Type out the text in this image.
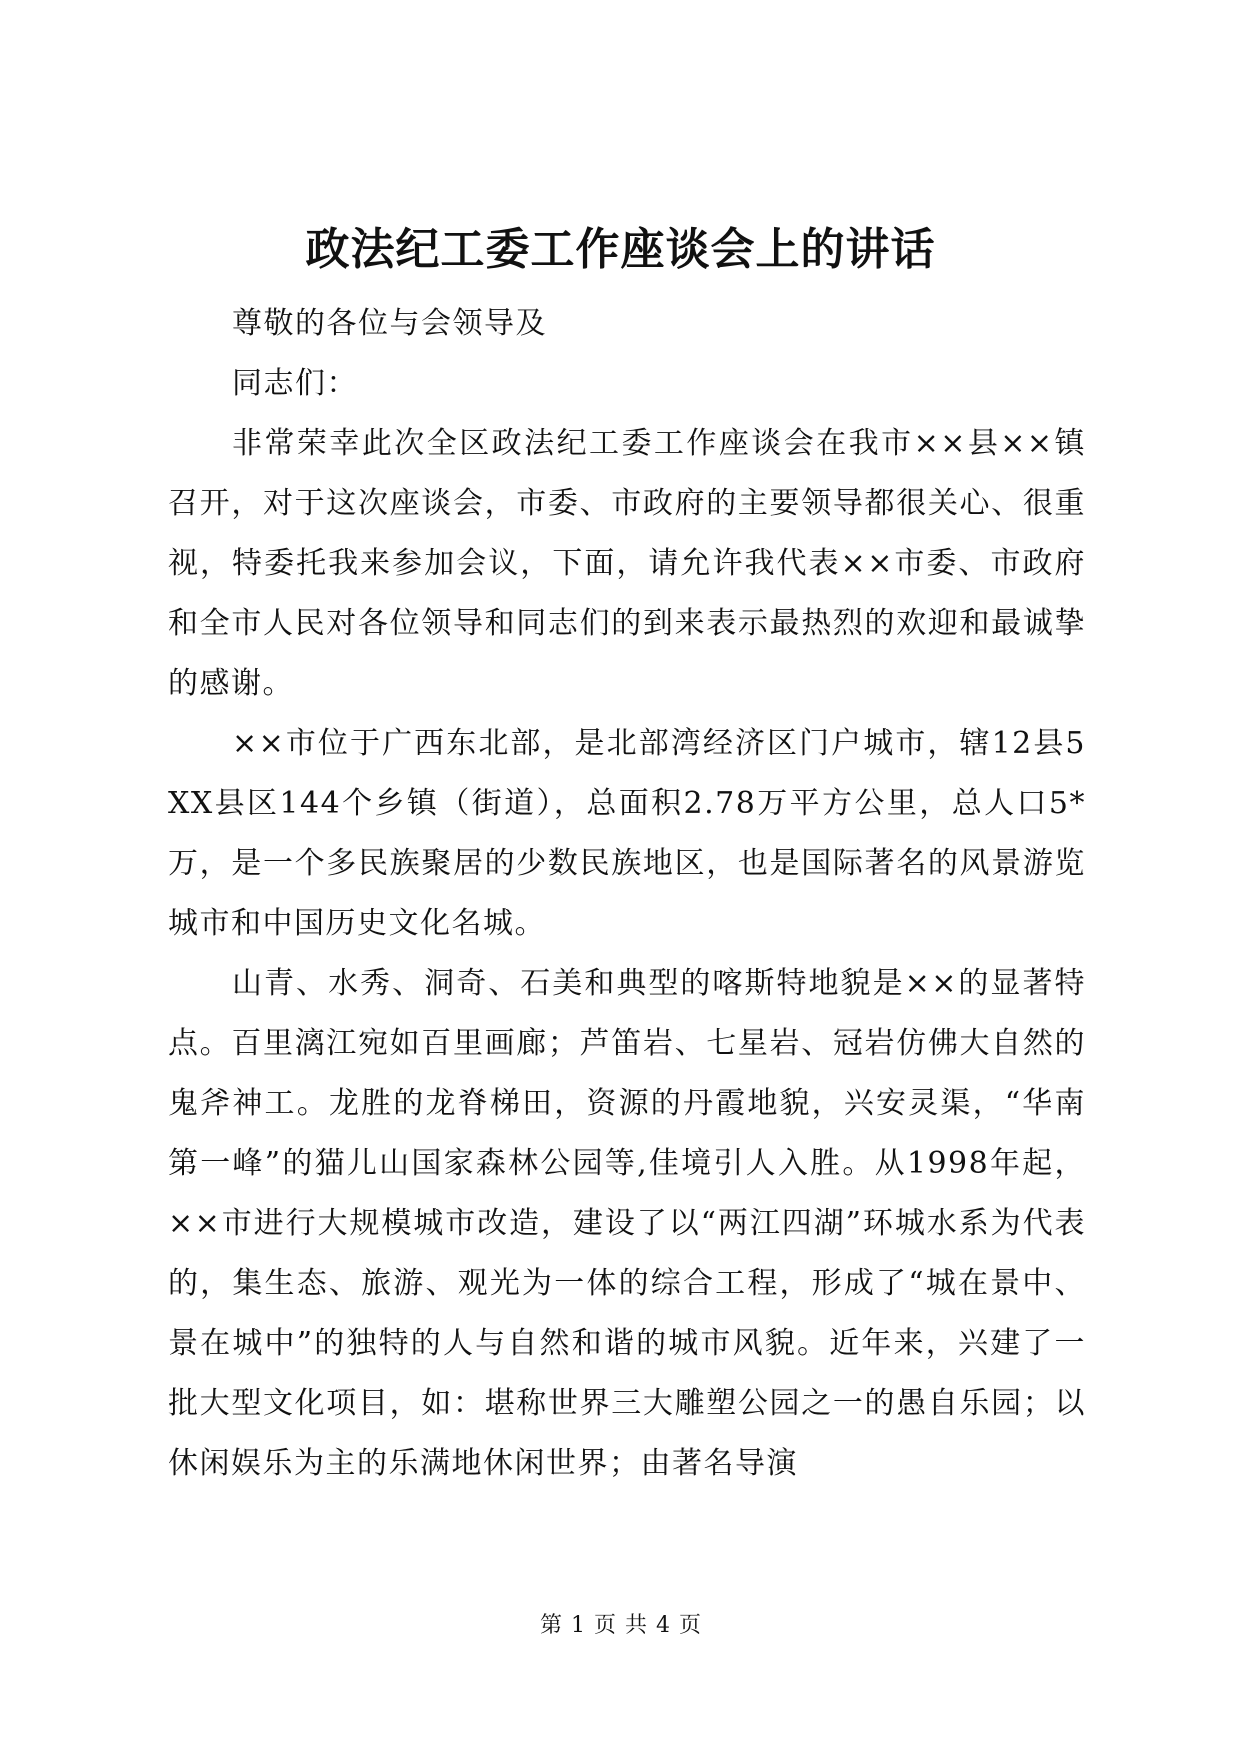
政法纪工委工作座谈会上的讲话

尊敬的各位与会领导及

同志们：

非常荣幸此次全区政法纪工委工作座谈会在我市××县××镇召开，对于这次座谈会，市委、市政府的主要领导都很关心、很重视，特委托我来参加会议，下面，请允许我代表××市委、市政府和全市人民对各位领导和同志们的到来表示最热烈的欢迎和最诚挚的感谢。

××市位于广西东北部，是北部湾经济区门户城市，辖12县5XX县区144个乡镇（街道），总面积2.78万平方公里，总人口5*万，是一个多民族聚居的少数民族地区，也是国际著名的风景游览城市和中国历史文化名城。

山青、水秀、洞奇、石美和典型的喀斯特地貌是××的显著特点。百里漓江宛如百里画廊；芦笛岩、七星岩、冠岩仿佛大自然的鬼斧神工。龙胜的龙脊梯田，资源的丹霞地貌，兴安灵渠，“华南第一峰”的猫儿山国家森林公园等,佳境引人入胜。从1998年起，××市进行大规模城市改造，建设了以“两江四湖”环城水系为代表的，集生态、旅游、观光为一体的综合工程，形成了“城在景中、景在城中”的独特的人与自然和谐的城市风貌。近年来，兴建了一批大型文化项目，如：堪称世界三大雕塑公园之一的愚自乐园；以休闲娱乐为主的乐满地休闲世界；由著名导演

第 1 页 共 4 页
